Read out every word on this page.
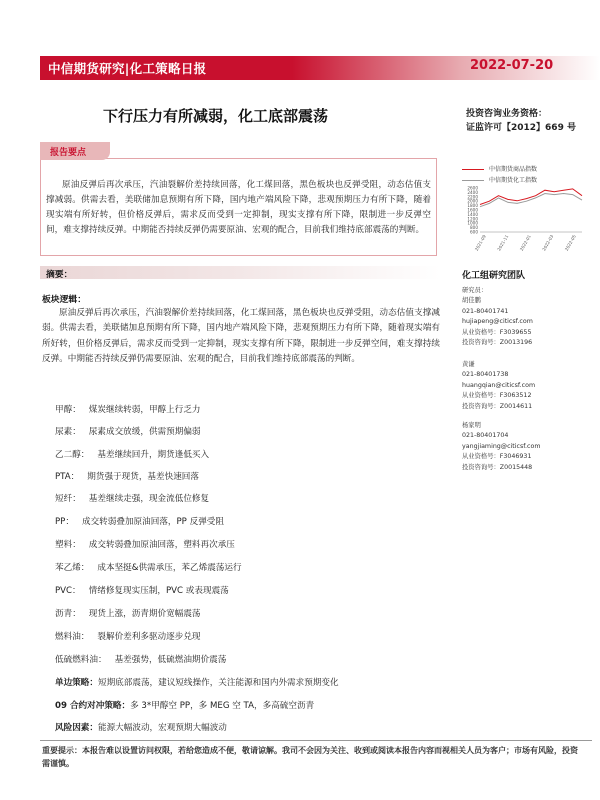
中信期货研究|化工策略日报	2022-07-20
下行压力有所减弱，化工底部震荡	投资咨询业务资格：
证监许可【2012】669 号
报告要点
原油反弹后再次承压，汽油裂解价差持续回落，化工煤回落，黑色板块也反弹受阻，动态估值支撑减弱。供需去看，美联储加息预期有所下降，国内地产端风险下降，悲观预期压力有所下降，随着现实端有所好转，但价格反弹后，需求反而受到一定抑制，现实支撑有所下降，限制进一步反弹空间，难支撑持续反弹。中期能否持续反弹仍需要原油、宏观的配合，目前我们维持底部震荡的判断。
中信期货商品指数
中信期货化工指数
2600
2400
2200
2000
1800
1600
1400
1200
1000
800
600
2021-09 2021-11 2022-01 2022-03 2022-05
摘要：
板块逻辑：
原油反弹后再次承压，汽油裂解价差持续回落，化工煤回落，黑色板块也反弹受阻，动态估值支撑减弱。供需去看，美联储加息预期有所下降，国内地产端风险下降，悲观预期压力有所下降，随着现实端有所好转，但价格反弹后，需求反而受到一定抑制，现实支撑有所下降，限制进一步反弹空间，难支撑持续反弹。中期能否持续反弹仍需要原油、宏观的配合，目前我们维持底部震荡的判断。
甲醇： 煤炭继续转弱，甲醇上行乏力
尿素： 尿素成交放缓，供需预期偏弱
乙二醇： 基差继续回升，期货逢低买入
PTA： 期货强于现货，基差快速回落
短纤： 基差继续走强，现金流低位修复
PP： 成交转弱叠加原油回落，PP 反弹受阻
塑料： 成交转弱叠加原油回落，塑料再次承压
苯乙烯： 成本坚挺&供需承压，苯乙烯震荡运行
PVC： 情绪修复现实压制，PVC 或表现震荡
沥青： 现货上涨，沥青期价宽幅震荡
燃料油： 裂解价差利多驱动逐步兑现
低硫燃料油： 基差强势，低硫燃油期价震荡
单边策略：短期底部震荡，建议短线操作，关注能源和国内外需求预期变化
09 合约对冲策略：多 3*甲醇空 PP，多 MEG 空 TA，多高硫空沥青
风险因素：能源大幅波动，宏观预期大幅波动
化工组研究团队
研究员：
胡佳鹏
021-80401741
hujiapeng@citicsf.com
从业资格号：F3039655
投资咨询号：Z0013196
黄谦
021-80401738
huangqian@citicsf.com
从业资格号：F3063512
投资咨询号：Z0014611
杨家明
021-80401704
yangjiaming@citicsf.com
从业资格号：F3046931
投资咨询号：Z0015448
重要提示：本报告难以设置访问权限，若给您造成不便，敬请谅解。我司不会因为关注、收到或阅读本报告内容而视相关人员为客户；市场有风险，投资需谨慎。
